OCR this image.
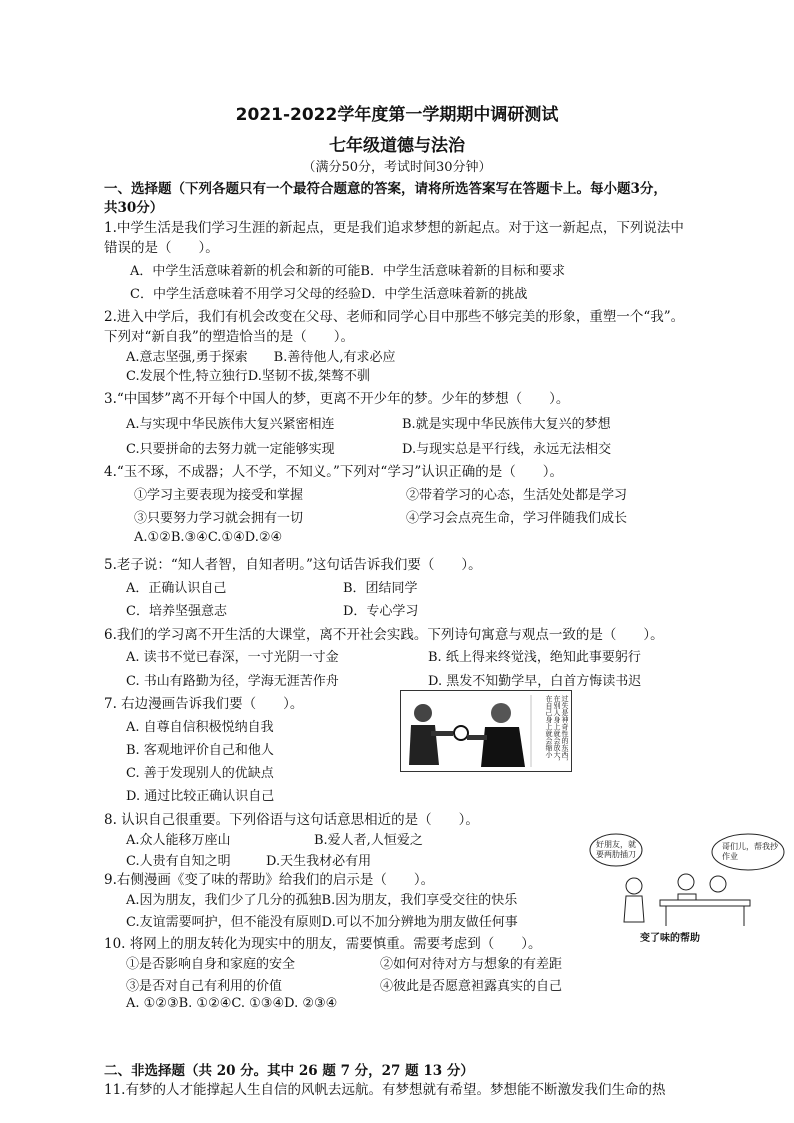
2021-2022学年度第一学期期中调研测试
七年级道德与法治
（满分50分，考试时间30分钟）
一、选择题（下列各题只有一个最符合题意的答案，请将所选答案写在答题卡上。每小题3分，
共30分）
1.中学生活是我们学习生涯的新起点，更是我们追求梦想的新起点。对于这一新起点，下列说法中
错误的是（　　）。
A．中学生活意味着新的机会和新的可能B．中学生活意味着新的目标和要求
C．中学生活意味着不用学习父母的经验D．中学生活意味着新的挑战
2.进入中学后，我们有机会改变在父母、老师和同学心目中那些不够完美的形象，重塑一个“我”。
下列对“新自我”的塑造恰当的是（　　）。
A.意志坚强,勇于探索　　B.善待他人,有求必应
C.发展个性,特立独行D.坚韧不拔,桀骜不驯
3.“中国梦”离不开每个中国人的梦，更离不开少年的梦。少年的梦想（　　）。
A.与实现中华民族伟大复兴紧密相连	B.就是实现中华民族伟大复兴的梦想
C.只要拼命的去努力就一定能够实现	D.与现实总是平行线，永远无法相交
4.“玉不琢，不成器；人不学，不知义。”下列对“学习”认识正确的是（　　）。
①学习主要表现为接受和掌握	②带着学习的心态，生活处处都是学习
③只要努力学习就会拥有一切	④学习会点亮生命，学习伴随我们成长
A.①②B.③④C.①④D.②④
5.老子说：“知人者智，自知者明。”这句话告诉我们要（　　）。
A．正确认识自己	B．团结同学
C．培养坚强意志	D．专心学习
6.我们的学习离不开生活的大课堂，离不开社会实践。下列诗句寓意与观点一致的是（　　）。
A. 读书不觉已春深，一寸光阴一寸金	B. 纸上得来终觉浅，绝知此事要躬行
C. 书山有路勤为径，学海无涯苦作舟	D. 黑发不知勤学早，白首方悔读书迟
7. 右边漫画告诉我们要（　　）。
A. 自尊自信积极悦纳自我
B. 客观地评价自己和他人
C. 善于发现别人的优缺点
D. 通过比较正确认识自己
过失是神奇性的东西，在别人身上就会放大，在自己身上就会缩小
8. 认识自己很重要。下列俗语与这句话意思相近的是（　　）。
A.众人能移万座山	B.爱人者,人恒爱之
C.人贵有自知之明	D.天生我材必有用
9.右侧漫画《变了味的帮助》给我们的启示是（　　）。
A.因为朋友，我们少了几分的孤独B.因为朋友，我们享受交往的快乐
C.友谊需要呵护，但不能没有原则D.可以不加分辨地为朋友做任何事
好朋友，就要两肋插刀
哥们儿，帮我抄作业
变了味的帮助
10. 将网上的朋友转化为现实中的朋友，需要慎重。需要考虑到（　　）。
①是否影响自身和家庭的安全	②如何对待对方与想象的有差距
③是否对自己有利用的价值	④彼此是否愿意袒露真实的自己
A. ①②③B. ①②④C. ①③④D. ②③④
二、非选择题（共 20 分。其中 26 题 7 分，27 题 13 分）
11.有梦的人才能撑起人生自信的风帆去远航。有梦想就有希望。梦想能不断激发我们生命的热
